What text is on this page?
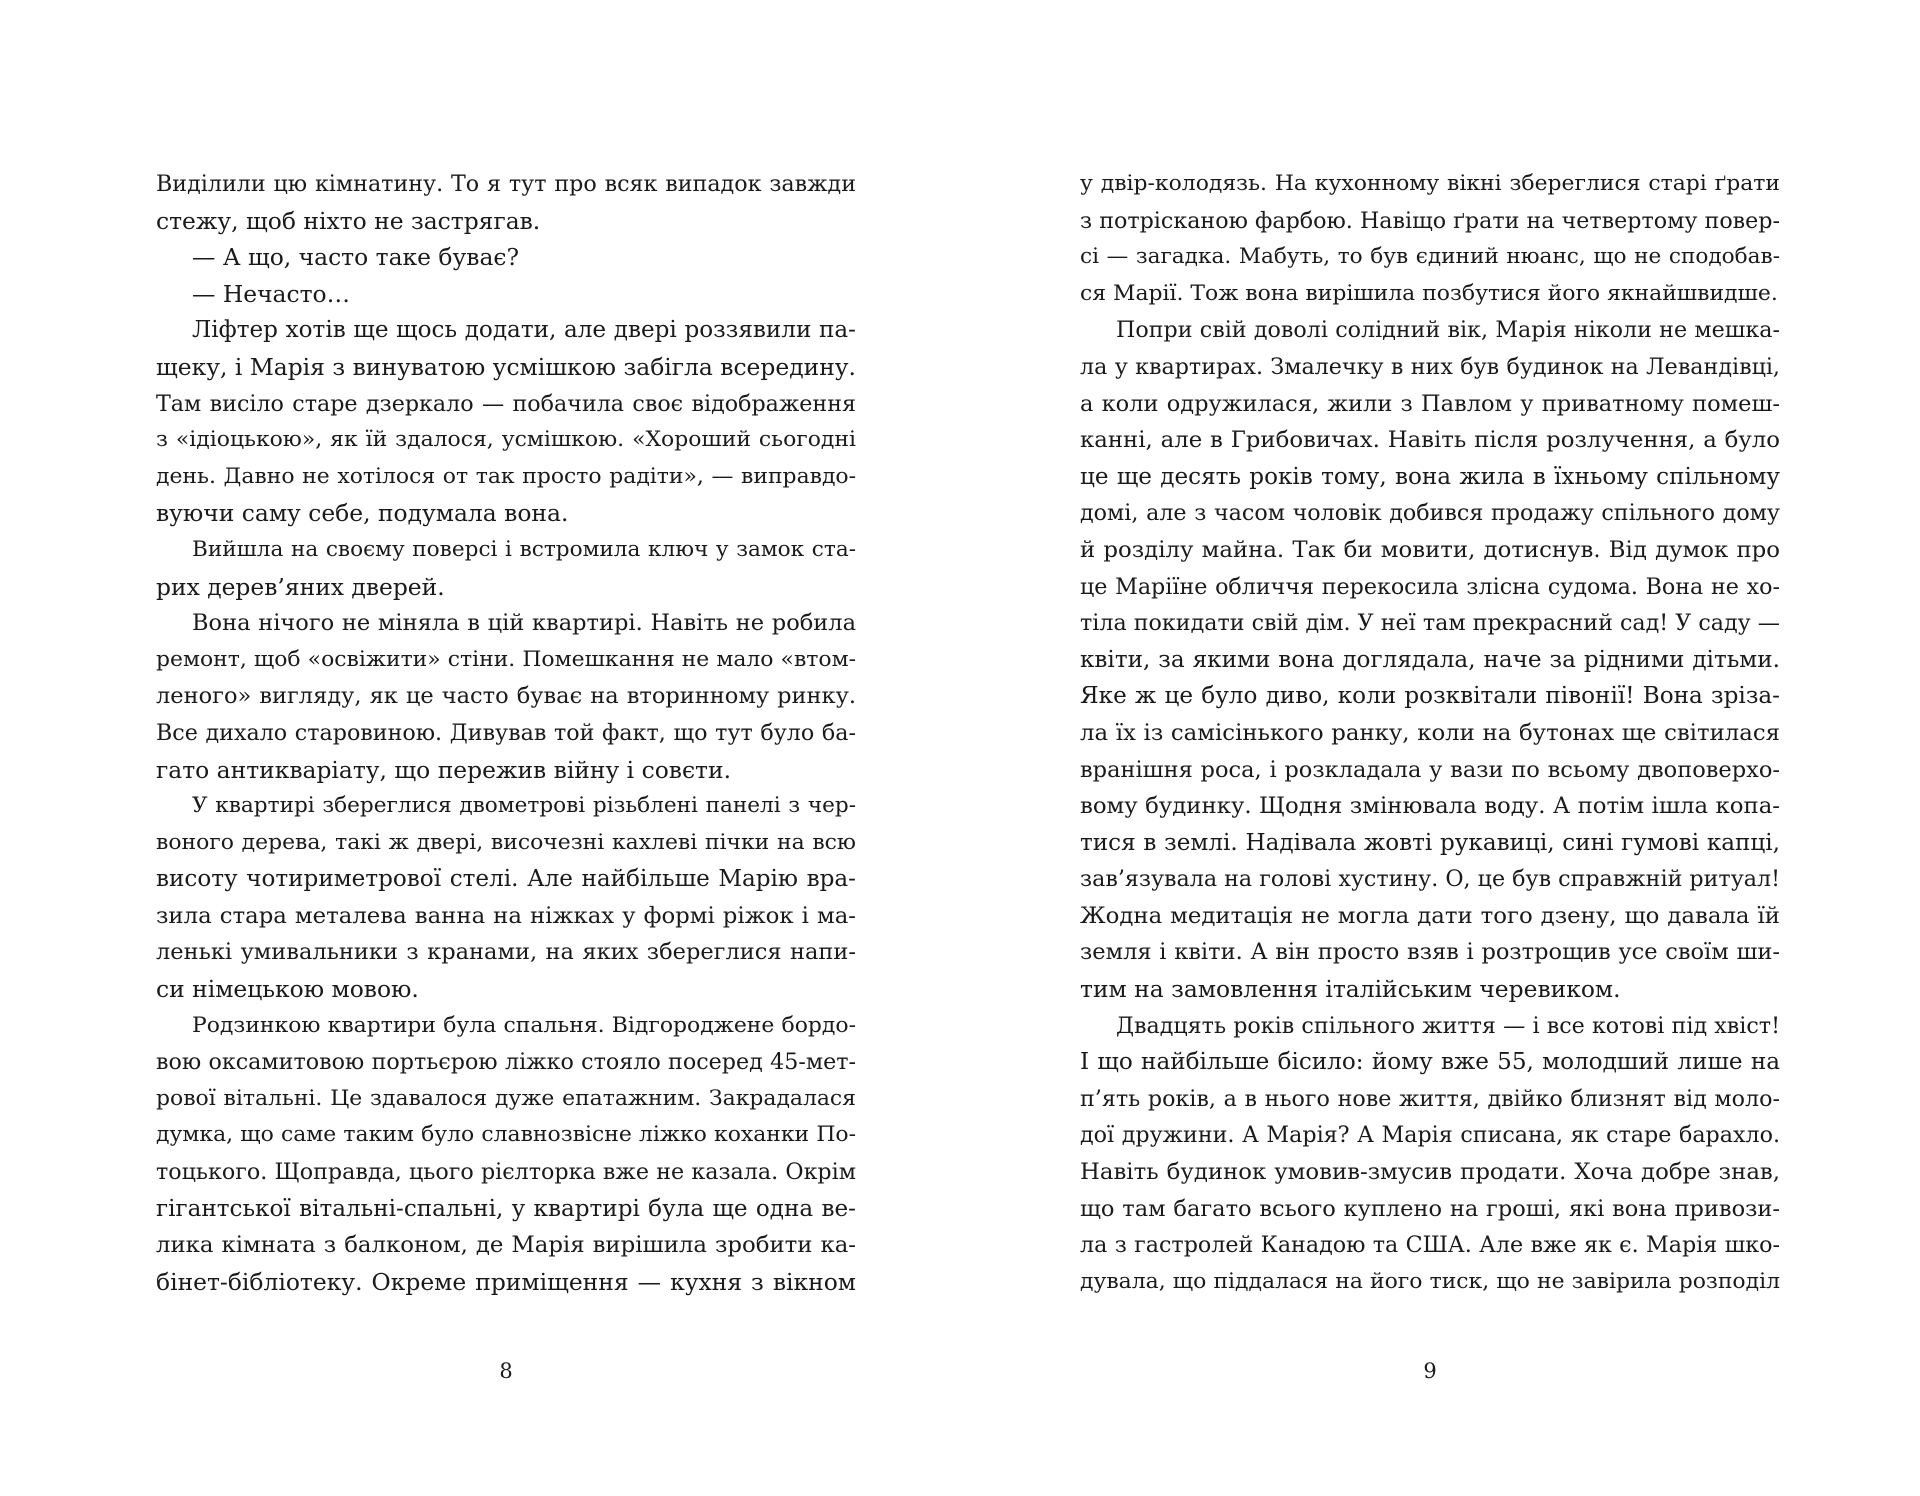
Виділили цю кімнатину. То я тут про всяк випадок завжди
стежу, щоб ніхто не застрягав.
— А що, часто таке буває?
— Нечасто…
Ліфтер хотів ще щось додати, але двері роззявили па-
щеку, і Марія з винуватою усмішкою забігла всередину.
Там висіло старе дзеркало — побачила своє відображення
з «ідіоцькою», як їй здалося, усмішкою. «Хороший сьогодні
день. Давно не хотілося от так просто радіти», — виправдо-
вуючи саму себе, подумала вона.
Вийшла на своєму поверсі і встромила ключ у замок ста-
рих дерев’яних дверей.
Вона нічого не міняла в цій квартирі. Навіть не робила
ремонт, щоб «освіжити» стіни. Помешкання не мало «втом-
леного» вигляду, як це часто буває на вторинному ринку.
Все дихало старовиною. Дивував той факт, що тут було ба-
гато антикваріату, що пережив війну і совєти.
У квартирі збереглися двометрові різьблені панелі з чер-
воного дерева, такі ж двері, височезні кахлеві пічки на всю
висоту чотириметрової стелі. Але найбільше Марію вра-
зила стара металева ванна на ніжках у формі ріжок і ма-
ленькі умивальники з кранами, на яких збереглися напи-
си німецькою мовою.
Родзинкою квартири була спальня. Відгороджене бордо-
вою оксамитовою портьєрою ліжко стояло посеред 45-мет-
рової вітальні. Це здавалося дуже епатажним. Закрадалася
думка, що саме таким було славнозвісне ліжко коханки По-
тоцького. Щоправда, цього рієлторка вже не казала. Окрім
гігантської вітальні-спальні, у квартирі була ще одна ве-
лика кімната з балконом, де Марія вирішила зробити ка-
бінет-бібліотеку. Окреме приміщення — кухня з вікном
8
у двір-колодязь. На кухонному вікні збереглися старі ґрати
з потрісканою фарбою. Навіщо ґрати на четвертому повер-
сі — загадка. Мабуть, то був єдиний нюанс, що не сподобав-
ся Марії. Тож вона вирішила позбутися його якнайшвидше.
Попри свій доволі солідний вік, Марія ніколи не мешка-
ла у квартирах. Змалечку в них був будинок на Левандівці,
а коли одружилася, жили з Павлом у приватному помеш-
канні, але в Грибовичах. Навіть після розлучення, а було
це ще десять років тому, вона жила в їхньому спільному
домі, але з часом чоловік добився продажу спільного дому
й розділу майна. Так би мовити, дотиснув. Від думок про
це Маріїне обличчя перекосила злісна судома. Вона не хо-
тіла покидати свій дім. У неї там прекрасний сад! У саду —
квіти, за якими вона доглядала, наче за рідними дітьми.
Яке ж це було диво, коли розквітали півонії! Вона зріза-
ла їх із самісінького ранку, коли на бутонах ще світилася
вранішня роса, і розкладала у вази по всьому двоповерхо-
вому будинку. Щодня змінювала воду. А потім ішла копа-
тися в землі. Надівала жовті рукавиці, сині гумові капці,
зав’язувала на голові хустину. О, це був справжній ритуал!
Жодна медитація не могла дати того дзену, що давала їй
земля і квіти. А він просто взяв і розтрощив усе своїм ши-
тим на замовлення італійським черевиком.
Двадцять років спільного життя — і все котові під хвіст!
І що найбільше бісило: йому вже 55, молодший лише на
п’ять років, а в нього нове життя, двійко близнят від моло-
дої дружини. А Марія? А Марія списана, як старе барахло.
Навіть будинок умовив-змусив продати. Хоча добре знав,
що там багато всього куплено на гроші, які вона привози-
ла з гастролей Канадою та США. Але вже як є. Марія шко-
дувала, що піддалася на його тиск, що не завірила розподіл
9
